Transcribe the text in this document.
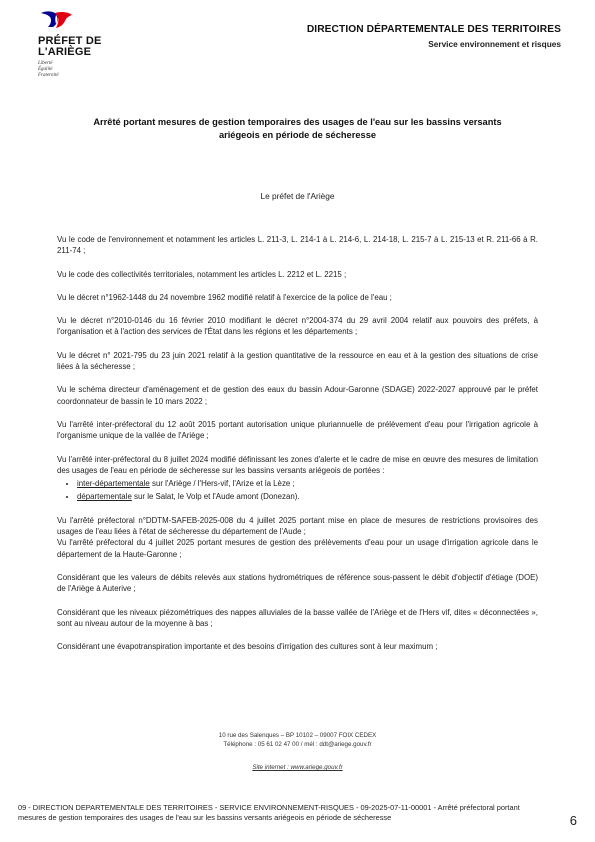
PRÉFET DE L'ARIÈGE
Liberté
Égalité
Fraternité
DIRECTION DÉPARTEMENTALE DES TERRITOIRES
Service environnement et risques
Arrêté portant mesures de gestion temporaires des usages de l'eau sur les bassins versants
ariégeois en période de sécheresse
Le préfet de l'Ariège

Vu le code de l'environnement et notamment les articles L. 211-3, L. 214-1 à L. 214-6, L. 214-18, L. 215-7 à L. 215-13 et R. 211-66 à R. 211-74 ;

Vu le code des collectivités territoriales, notamment les articles L. 2212 et L. 2215 ;

Vu le décret n°1962-1448 du 24 novembre 1962 modifié relatif à l'exercice de la police de l'eau ;

Vu le décret n°2010-0146 du 16 février 2010 modifiant le décret n°2004-374 du 29 avril 2004 relatif aux pouvoirs des préfets, à l'organisation et à l'action des services de l'État dans les régions et les départements ;

Vu le décret n° 2021-795 du 23 juin 2021 relatif à la gestion quantitative de la ressource en eau et à la gestion des situations de crise liées à la sécheresse ;

Vu le schéma directeur d'aménagement et de gestion des eaux du bassin Adour-Garonne (SDAGE) 2022-2027 approuvé par le préfet coordonnateur de bassin le 10 mars 2022 ;

Vu l'arrêté inter-préfectoral du 12 août 2015 portant autorisation unique pluriannuelle de prélèvement d'eau pour l'irrigation agricole à l'organisme unique de la vallée de l'Ariège ;

Vu l'arrêté inter-préfectoral du 8 juillet 2024 modifié définissant les zones d'alerte et le cadre de mise en œuvre des mesures de limitation des usages de l'eau en période de sécheresse sur les bassins versants ariégeois de portées :

• inter-départementale sur l'Ariège / l'Hers-vif, l'Arize et la Lèze ;
• départementale sur le Salat, le Volp et l'Aude amont (Donezan).

Vu l'arrêté préfectoral n°DDTM-SAFEB-2025-008 du 4 juillet 2025 portant mise en place de mesures de restrictions provisoires des usages de l'eau liées à l'état de sécheresse du département de l'Aude ;

Vu l'arrêté préfectoral du 4 juillet 2025 portant mesures de gestion des prélèvements d'eau pour un usage d'irrigation agricole dans le département de la Haute-Garonne ;

Considérant que les valeurs de débits relevés aux stations hydrométriques de référence sous-passent le débit d'objectif d'étiage (DOE) de l'Ariège à Auterive ;

Considérant que les niveaux piézométriques des nappes alluviales de la basse vallée de l'Ariège et de l'Hers vif, dites « déconnectées », sont au niveau autour de la moyenne à bas ;

Considérant une évapotranspiration importante et des besoins d'irrigation des cultures sont à leur maximum ;

10 rue des Salenques – BP 10102 – 09007 FOIX CEDEX
Téléphone : 05 61 02 47 00 / mél : ddt@ariege.gouv.fr
Site internet : www.ariege.gouv.fr
09 - DIRECTION DEPARTEMENTALE DES TERRITOIRES - SERVICE ENVIRONNEMENT-RISQUES - 09-2025-07-11-00001 - Arrêté préfectoral portant mesures de gestion temporaires des usages de l'eau sur les bassins versants ariégeois en période de sécheresse	6
